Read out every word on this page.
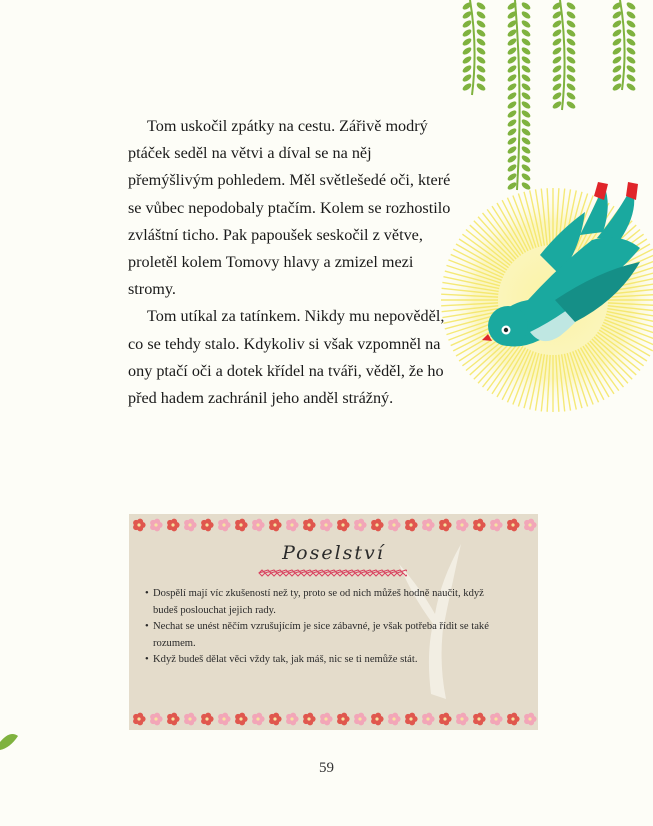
Tom uskočil zpátky na cestu. Zářivě modrý ptáček seděl na větvi a díval se na něj přemýšlivým pohledem. Měl světlešedé oči, které se vůbec nepodobaly ptačím. Kolem se rozhostilo zvláštní ticho. Pak papoušek seskočil z větve, proletěl kolem Tomovy hlavy a zmizel mezi stromy.

Tom utíkal za tatínkem. Nikdy mu nepověděl, co se tehdy stalo. Kdykoliv si však vzpomněl na ony ptačí oči a dotek křídel na tváři, věděl, že ho před hadem zachránil jeho anděl strážný.

Poselství
• Dospělí mají víc zkušeností než ty, proto se od nich můžeš hodně naučit, když budeš poslouchat jejich rady.
• Nechat se unést něčím vzrušujícím je sice zábavné, je však potřeba řídit se také rozumem.
• Když budeš dělat věci vždy tak, jak máš, nic se ti nemůže stát.
59
